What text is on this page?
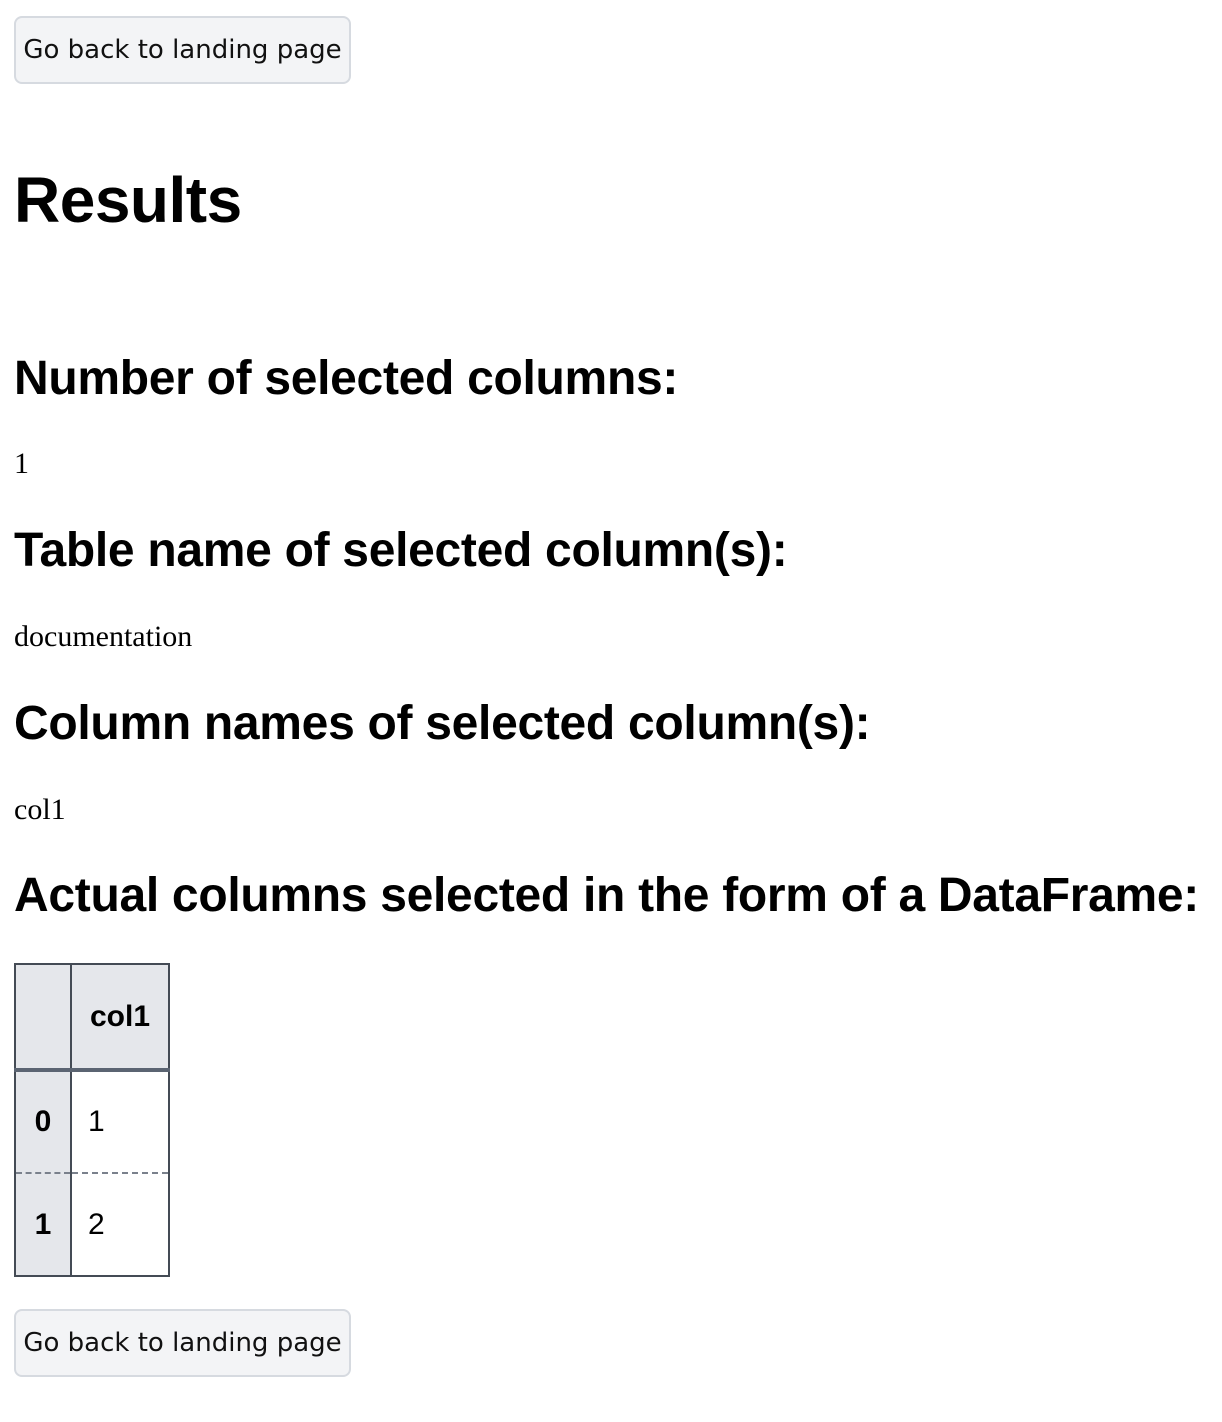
Go back to landing page
Results
Number of selected columns:

1

Table name of selected column(s):

documentation

Column names of selected column(s):

col1

Actual columns selected in the form of a DataFrame:
	col1
0	1
1	2
Go back to landing page
